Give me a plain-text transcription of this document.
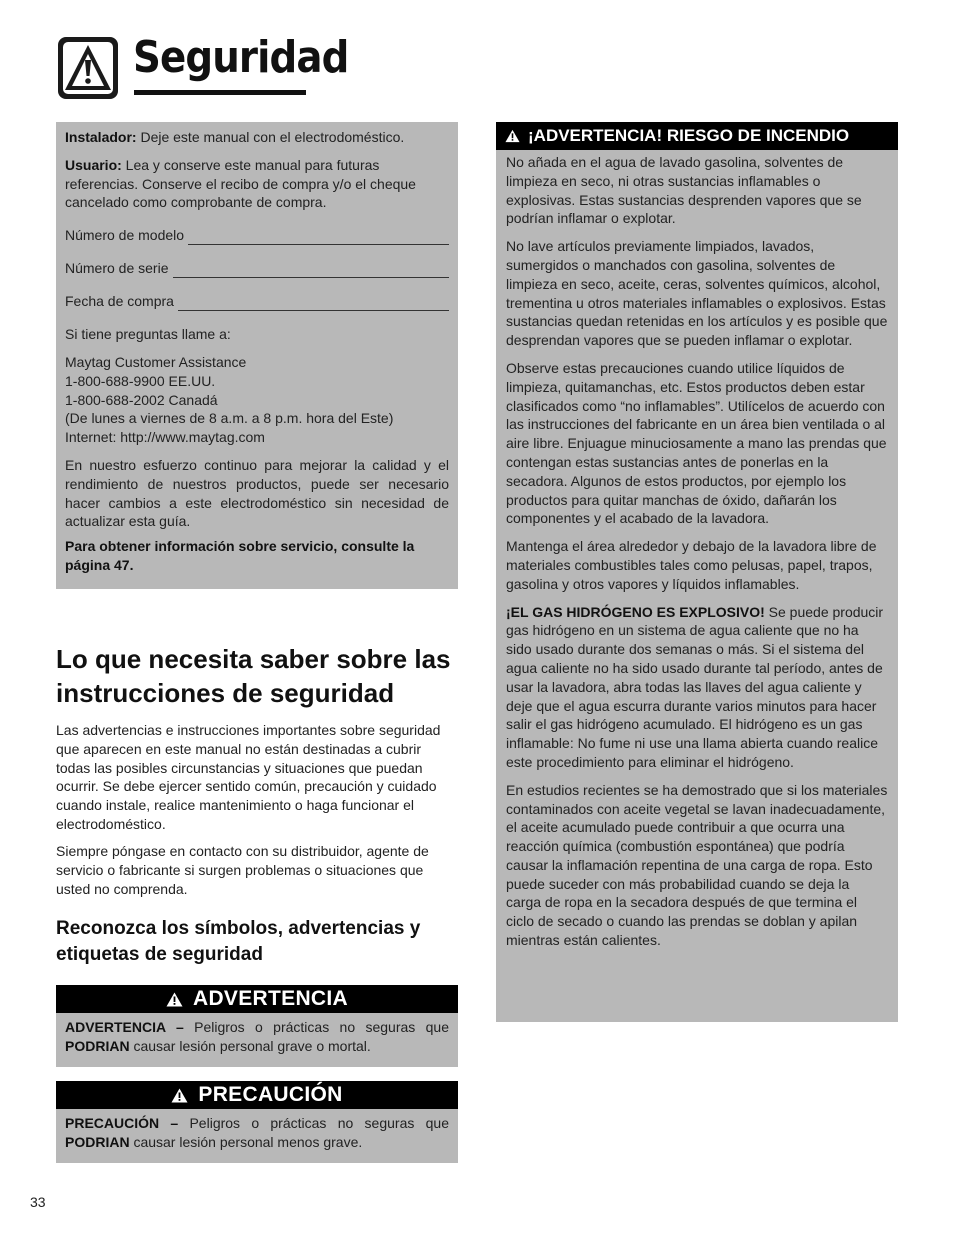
Seguridad

Instalador: Deje este manual con el electrodoméstico.

Usuario: Lea y conserve este manual para futuras referencias. Conserve el recibo de compra y/o el cheque cancelado como comprobante de compra.

Número de modelo
Número de serie
Fecha de compra

Si tiene preguntas llame a:

Maytag Customer Assistance
1-800-688-9900 EE.UU.
1-800-688-2002 Canadá
(De lunes a viernes de 8 a.m. a 8 p.m. hora del Este)
Internet: http://www.maytag.com

En nuestro esfuerzo continuo para mejorar la calidad y el rendimiento de nuestros productos, puede ser necesario hacer cambios a este electrodoméstico sin necesidad de actualizar esta guía.

Para obtener información sobre servicio, consulte la página 47.

Lo que necesita saber sobre las instrucciones de seguridad

Las advertencias e instrucciones importantes sobre seguridad que aparecen en este manual no están destinadas a cubrir todas las posibles circunstancias y situaciones que puedan ocurrir. Se debe ejercer sentido común, precaución y cuidado cuando instale, realice mantenimiento o haga funcionar el electrodoméstico.

Siempre póngase en contacto con su distribuidor, agente de servicio o fabricante si surgen problemas o situaciones que usted no comprenda.

Reconozca los símbolos, advertencias y etiquetas de seguridad
ADVERTENCIA
ADVERTENCIA – Peligros o prácticas no seguras que PODRIAN causar lesión personal grave o mortal.
PRECAUCIÓN
PRECAUCIÓN – Peligros o prácticas no seguras que PODRIAN causar lesión personal menos grave.
¡ADVERTENCIA! RIESGO DE INCENDIO

No añada en el agua de lavado gasolina, solventes de limpieza en seco, ni otras sustancias inflamables o explosivas. Estas sustancias desprenden vapores que se podrían inflamar o explotar.

No lave artículos previamente limpiados, lavados, sumergidos o manchados con gasolina, solventes de limpieza en seco, aceite, ceras, solventes químicos, alcohol, trementina u otros materiales inflamables o explosivos. Estas sustancias quedan retenidas en los artículos y es posible que desprendan vapores que se pueden inflamar o explotar.

Observe estas precauciones cuando utilice líquidos de limpieza, quitamanchas, etc. Estos productos deben estar clasificados como “no inflamables”. Utilícelos de acuerdo con las instrucciones del fabricante en un área bien ventilada o al aire libre. Enjuague minuciosamente a mano las prendas que contengan estas sustancias antes de ponerlas en la secadora. Algunos de estos productos, por ejemplo los productos para quitar manchas de óxido, dañarán los componentes y el acabado de la lavadora.

Mantenga el área alrededor y debajo de la lavadora libre de materiales combustibles tales como pelusas, papel, trapos, gasolina y otros vapores y líquidos inflamables.

¡EL GAS HIDRÓGENO ES EXPLOSIVO! Se puede producir gas hidrógeno en un sistema de agua caliente que no ha sido usado durante dos semanas o más. Si el sistema del agua caliente no ha sido usado durante tal período, antes de usar la lavadora, abra todas las llaves del agua caliente y deje que el agua escurra durante varios minutos para hacer salir el gas hidrógeno acumulado. El hidrógeno es un gas inflamable: No fume ni use una llama abierta cuando realice este procedimiento para eliminar el hidrógeno.

En estudios recientes se ha demostrado que si los materiales contaminados con aceite vegetal se lavan inadecuadamente, el aceite acumulado puede contribuir a que ocurra una reacción química (combustión espontánea) que podría causar la inflamación repentina de una carga de ropa. Esto puede suceder con más probabilidad cuando se deja la carga de ropa en la secadora después de que termina el ciclo de secado o cuando las prendas se doblan y apilan mientras están calientes.

33
